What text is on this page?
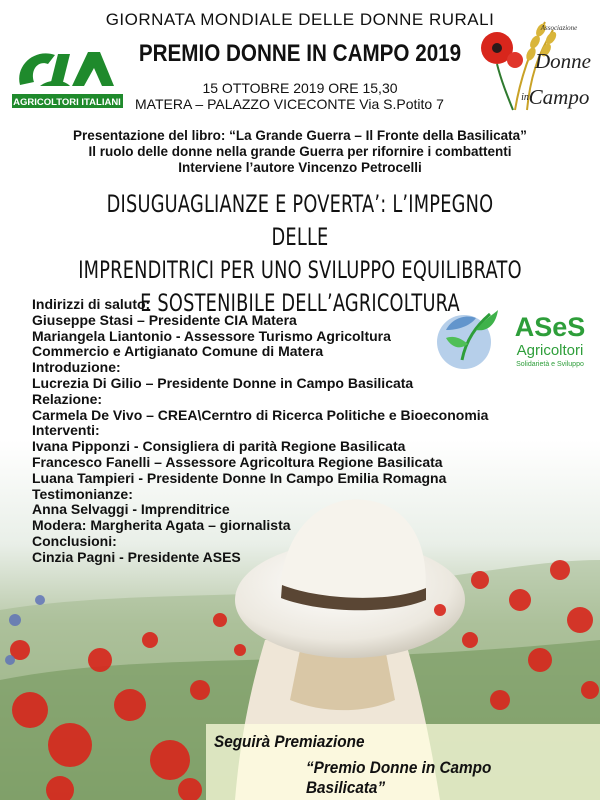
AGRICOLTORI ITALIANI
Associazione
Donne
in Campo
GIORNATA MONDIALE DELLE DONNE RURALI
PREMIO DONNE IN CAMPO 2019
15 OTTOBRE 2019 ORE 15,30
MATERA – PALAZZO VICECONTE Via S.Potito 7
Presentazione del libro: “La Grande Guerra – Il Fronte della Basilicata”
Il ruolo delle donne nella grande Guerra per rifornire i combattenti
Interviene l’autore Vincenzo Petrocelli
DISUGUAGLIANZE E POVERTA’: L’IMPEGNO DELLE
IMPRENDITRICI PER UNO SVILUPPO EQUILIBRATO
E SOSTENIBILE DELL’AGRICOLTURA
ASeS
Agricoltori
Solidarietà e Sviluppo
Indirizzi di saluto:
Giuseppe Stasi – Presidente CIA Matera
Mariangela Liantonio - Assessore Turismo Agricoltura
Commercio e Artigianato Comune di Matera
Introduzione:
Lucrezia Di Gilio – Presidente Donne in Campo Basilicata
Relazione:
Carmela De Vivo – CREA\Cerntro di Ricerca Politiche e Bioeconomia
Interventi:
Ivana Pipponzi - Consigliera di parità Regione Basilicata
Francesco Fanelli – Assessore Agricoltura Regione Basilicata
Luana Tampieri - Presidente Donne In Campo Emilia Romagna
Testimonianze:
Anna Selvaggi - Imprenditrice
Modera: Margherita Agata – giornalista
Conclusioni:
Cinzia Pagni - Presidente ASES
Seguirà Premiazione
“Premio Donne in Campo Basilicata”
